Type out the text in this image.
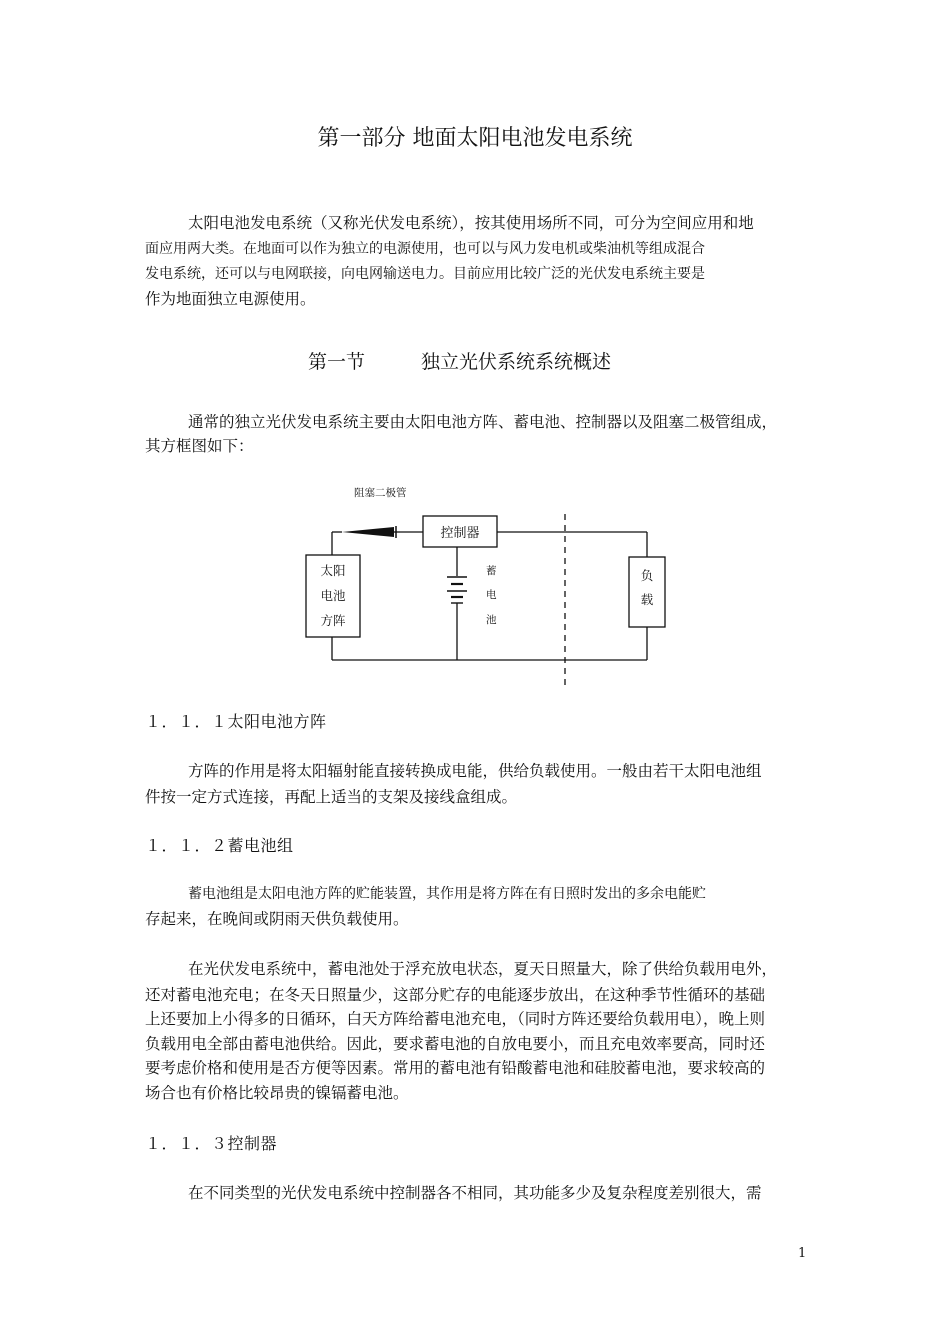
第一部分 地面太阳电池发电系统
太阳电池发电系统（又称光伏发电系统），按其使用场所不同，可分为空间应用和地
面应用两大类。在地面可以作为独立的电源使用，也可以与风力发电机或柴油机等组成混合
发电系统，还可以与电网联接，向电网输送电力。目前应用比较广泛的光伏发电系统主要是
作为地面独立电源使用。
第一节	独立光伏系统系统概述
通常的独立光伏发电系统主要由太阳电池方阵、蓄电池、控制器以及阻塞二极管组成，
其方框图如下：
阻塞二极管
控制器
太阳
电池
方阵
蓄
电
池
负
载
１．１．１太阳电池方阵
方阵的作用是将太阳辐射能直接转换成电能，供给负载使用。一般由若干太阳电池组
件按一定方式连接，再配上适当的支架及接线盒组成。
１．１．２蓄电池组
蓄电池组是太阳电池方阵的贮能装置，其作用是将方阵在有日照时发出的多余电能贮
存起来，在晚间或阴雨天供负载使用。
在光伏发电系统中，蓄电池处于浮充放电状态，夏天日照量大，除了供给负载用电外，
还对蓄电池充电；在冬天日照量少，这部分贮存的电能逐步放出，在这种季节性循环的基础
上还要加上小得多的日循环，白天方阵给蓄电池充电，（同时方阵还要给负载用电），晚上则
负载用电全部由蓄电池供给。因此，要求蓄电池的自放电要小，而且充电效率要高，同时还
要考虑价格和使用是否方便等因素。常用的蓄电池有铅酸蓄电池和硅胶蓄电池，要求较高的
场合也有价格比较昂贵的镍镉蓄电池。
１．１．３控制器
在不同类型的光伏发电系统中控制器各不相同，其功能多少及复杂程度差别很大，需
1
